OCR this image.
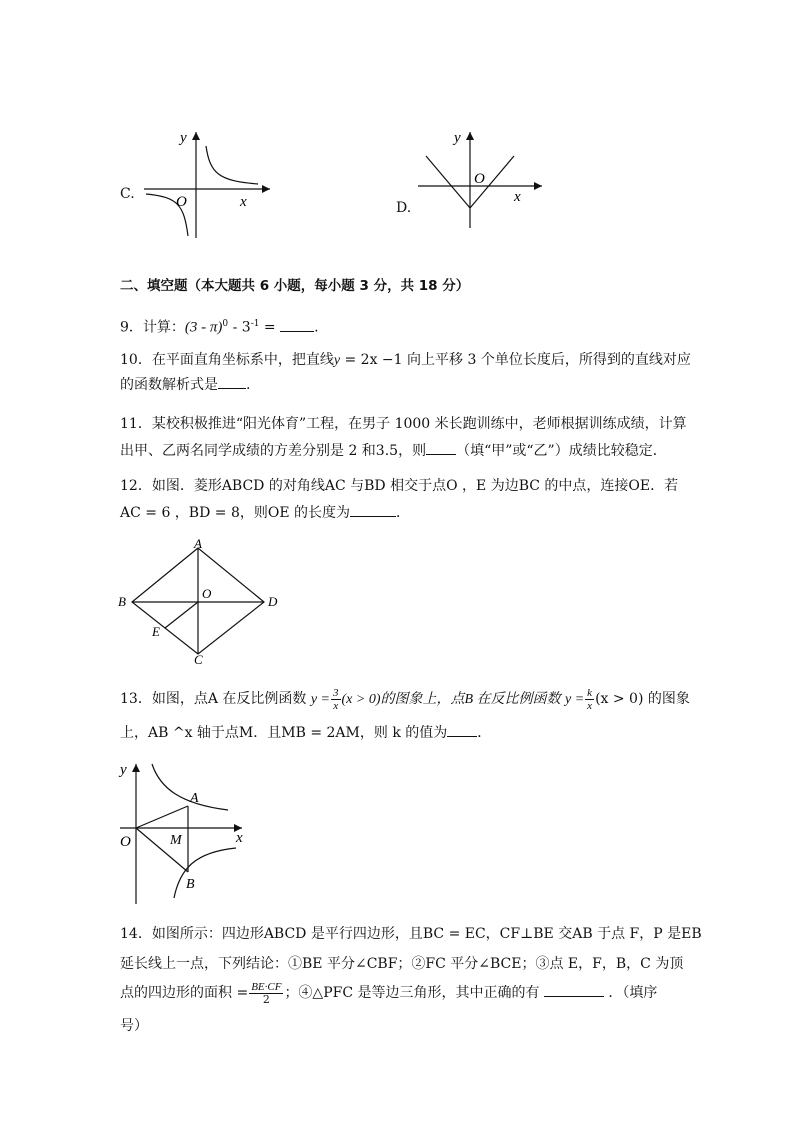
C.
y
x
O	D.
y
x
O
二、填空题（本大题共 6 小题，每小题 3 分，共 18 分）
9．计算：$(3 - \pi)^0 - 3^{-1}$ = .
10．在平面直角坐标系中，把直线y = 2x −1 向上平移 3 个单位长度后，所得到的直线对应
的函数解析式是 .
11．某校积极推进“阳光体育”工程，在男子 1000 米长跑训练中，老师根据训练成绩，计算
出甲、乙两名同学成绩的方差分别是 2 和3.5，则 （填“甲”或“乙”）成绩比较稳定．
12．如图．菱形ABCD 的对角线AC 与BD 相交于点O ，E 为边BC 的中点，连接OE．若
AC = 6 ，BD = 8，则OE 的长度为	．
A
B	D
C
O
E
13．如图，点A 在反比例函数 $y = \frac{3}{x} (x > 0)$的图象上，点B 在反比例函数 $y = \frac{k}{x} (x > 0)$ 的图象
上，AB ^x 轴于点M．且MB = 2AM，则 k 的值为 ．
y
x
O
A
M
B
14．如图所示：四边形ABCD 是平行四边形，且BC = EC，CF⊥BE 交AB 于点 F，P 是EB
延长线上一点，下列结论：①BE 平分∠CBF；②FC 平分∠BCE；③点 E，F，B，C 为顶
点的四边形的面积 = $\frac{BE\cdot CF}{2}$ ；④△PFC 是等边三角形，其中正确的有	．（填序
号）
